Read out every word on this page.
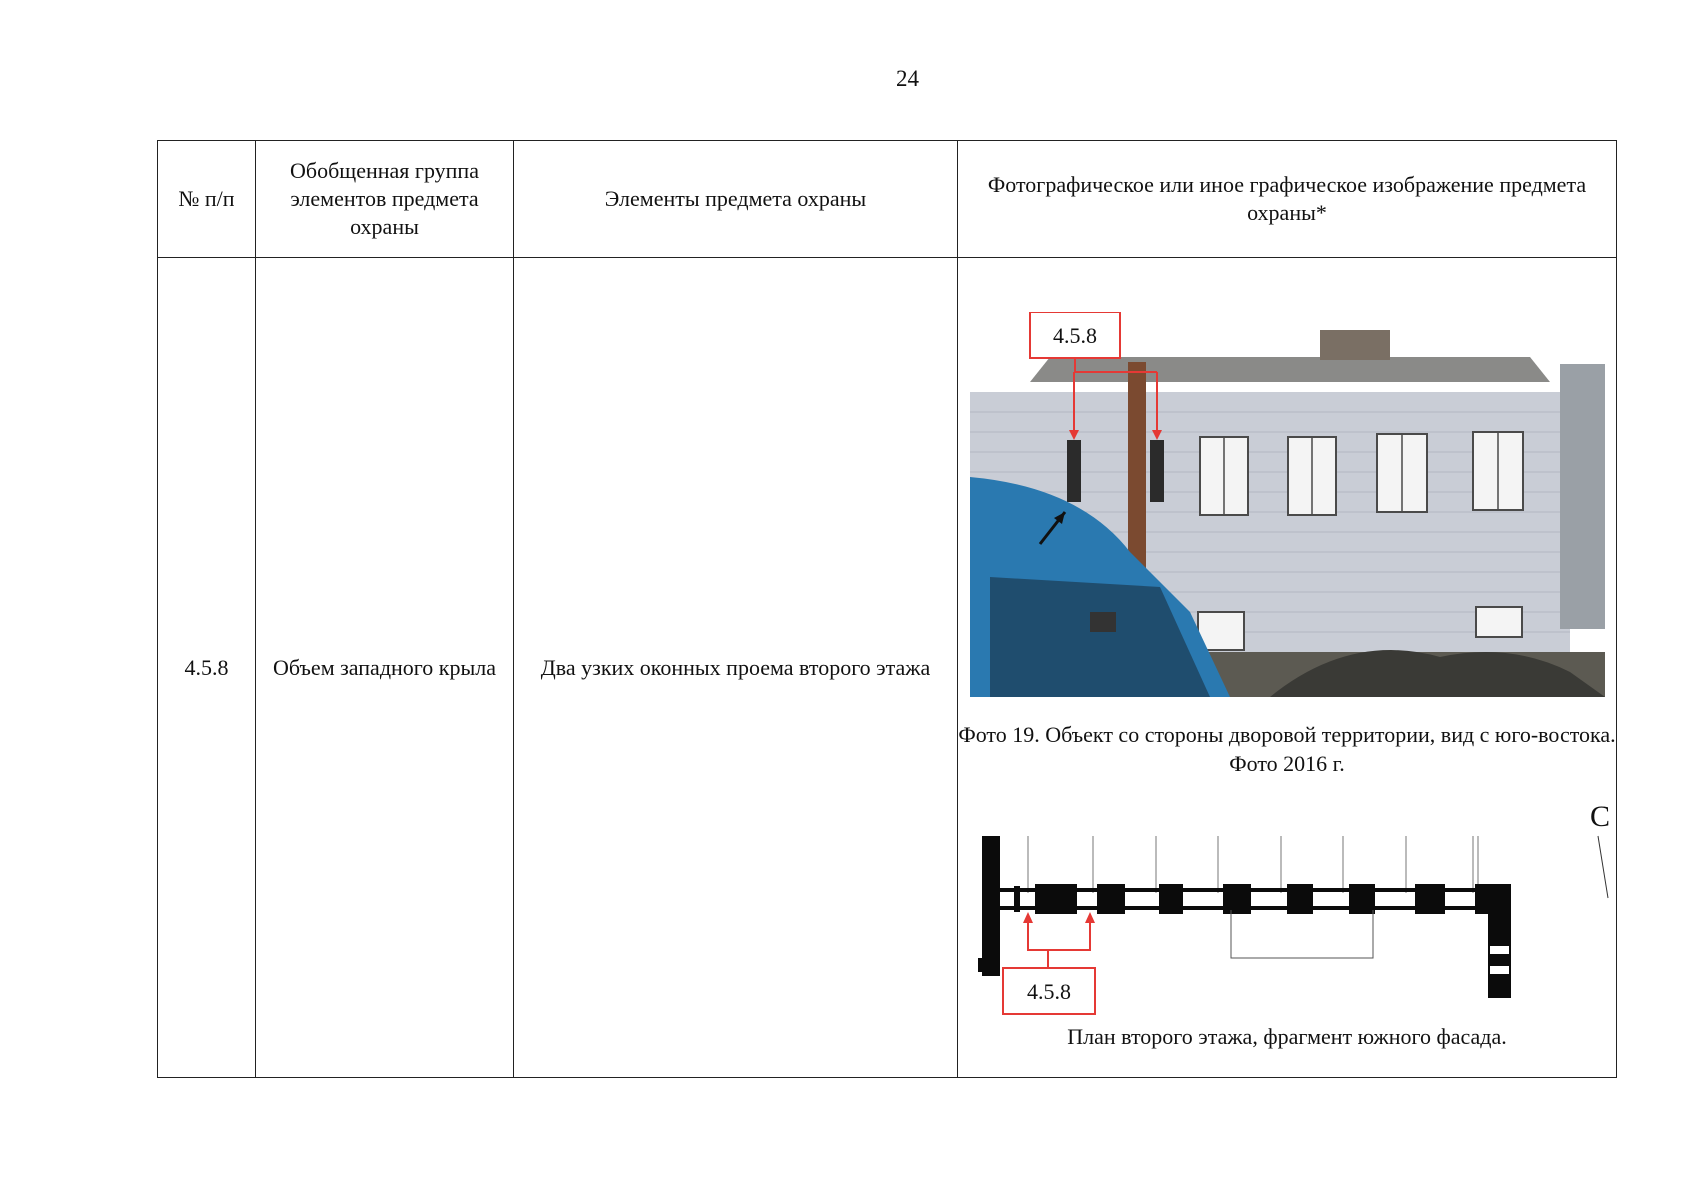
24
№ п/п	Обобщенная группа элементов предмета охраны	Элементы предмета охраны	Фотографическое или иное графическое изображение предмета охраны*
4.5.8	Объем западного крыла	Два узких оконных проема второго этажа	4.5.8
Фото 19. Объект со стороны дворовой территории, вид с юго-востока. Фото 2016 г.
С
4.5.8
План второго этажа, фрагмент южного фасада.
